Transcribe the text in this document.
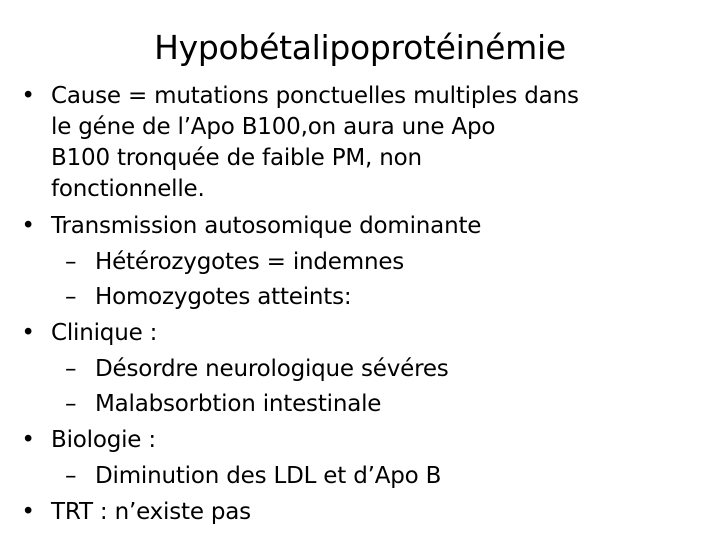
Hypobétalipoprotéinémie
• Cause = mutations ponctuelles multiples dans
le géne de l’Apo B100,on aura une Apo
B100 tronquée de faible PM, non
fonctionnelle.
• Transmission autosomique dominante
– Hétérozygotes = indemnes
– Homozygotes atteints:
• Clinique :
– Désordre neurologique sévéres
– Malabsorbtion intestinale
• Biologie :
– Diminution des LDL et d’Apo B
• TRT : n’existe pas
